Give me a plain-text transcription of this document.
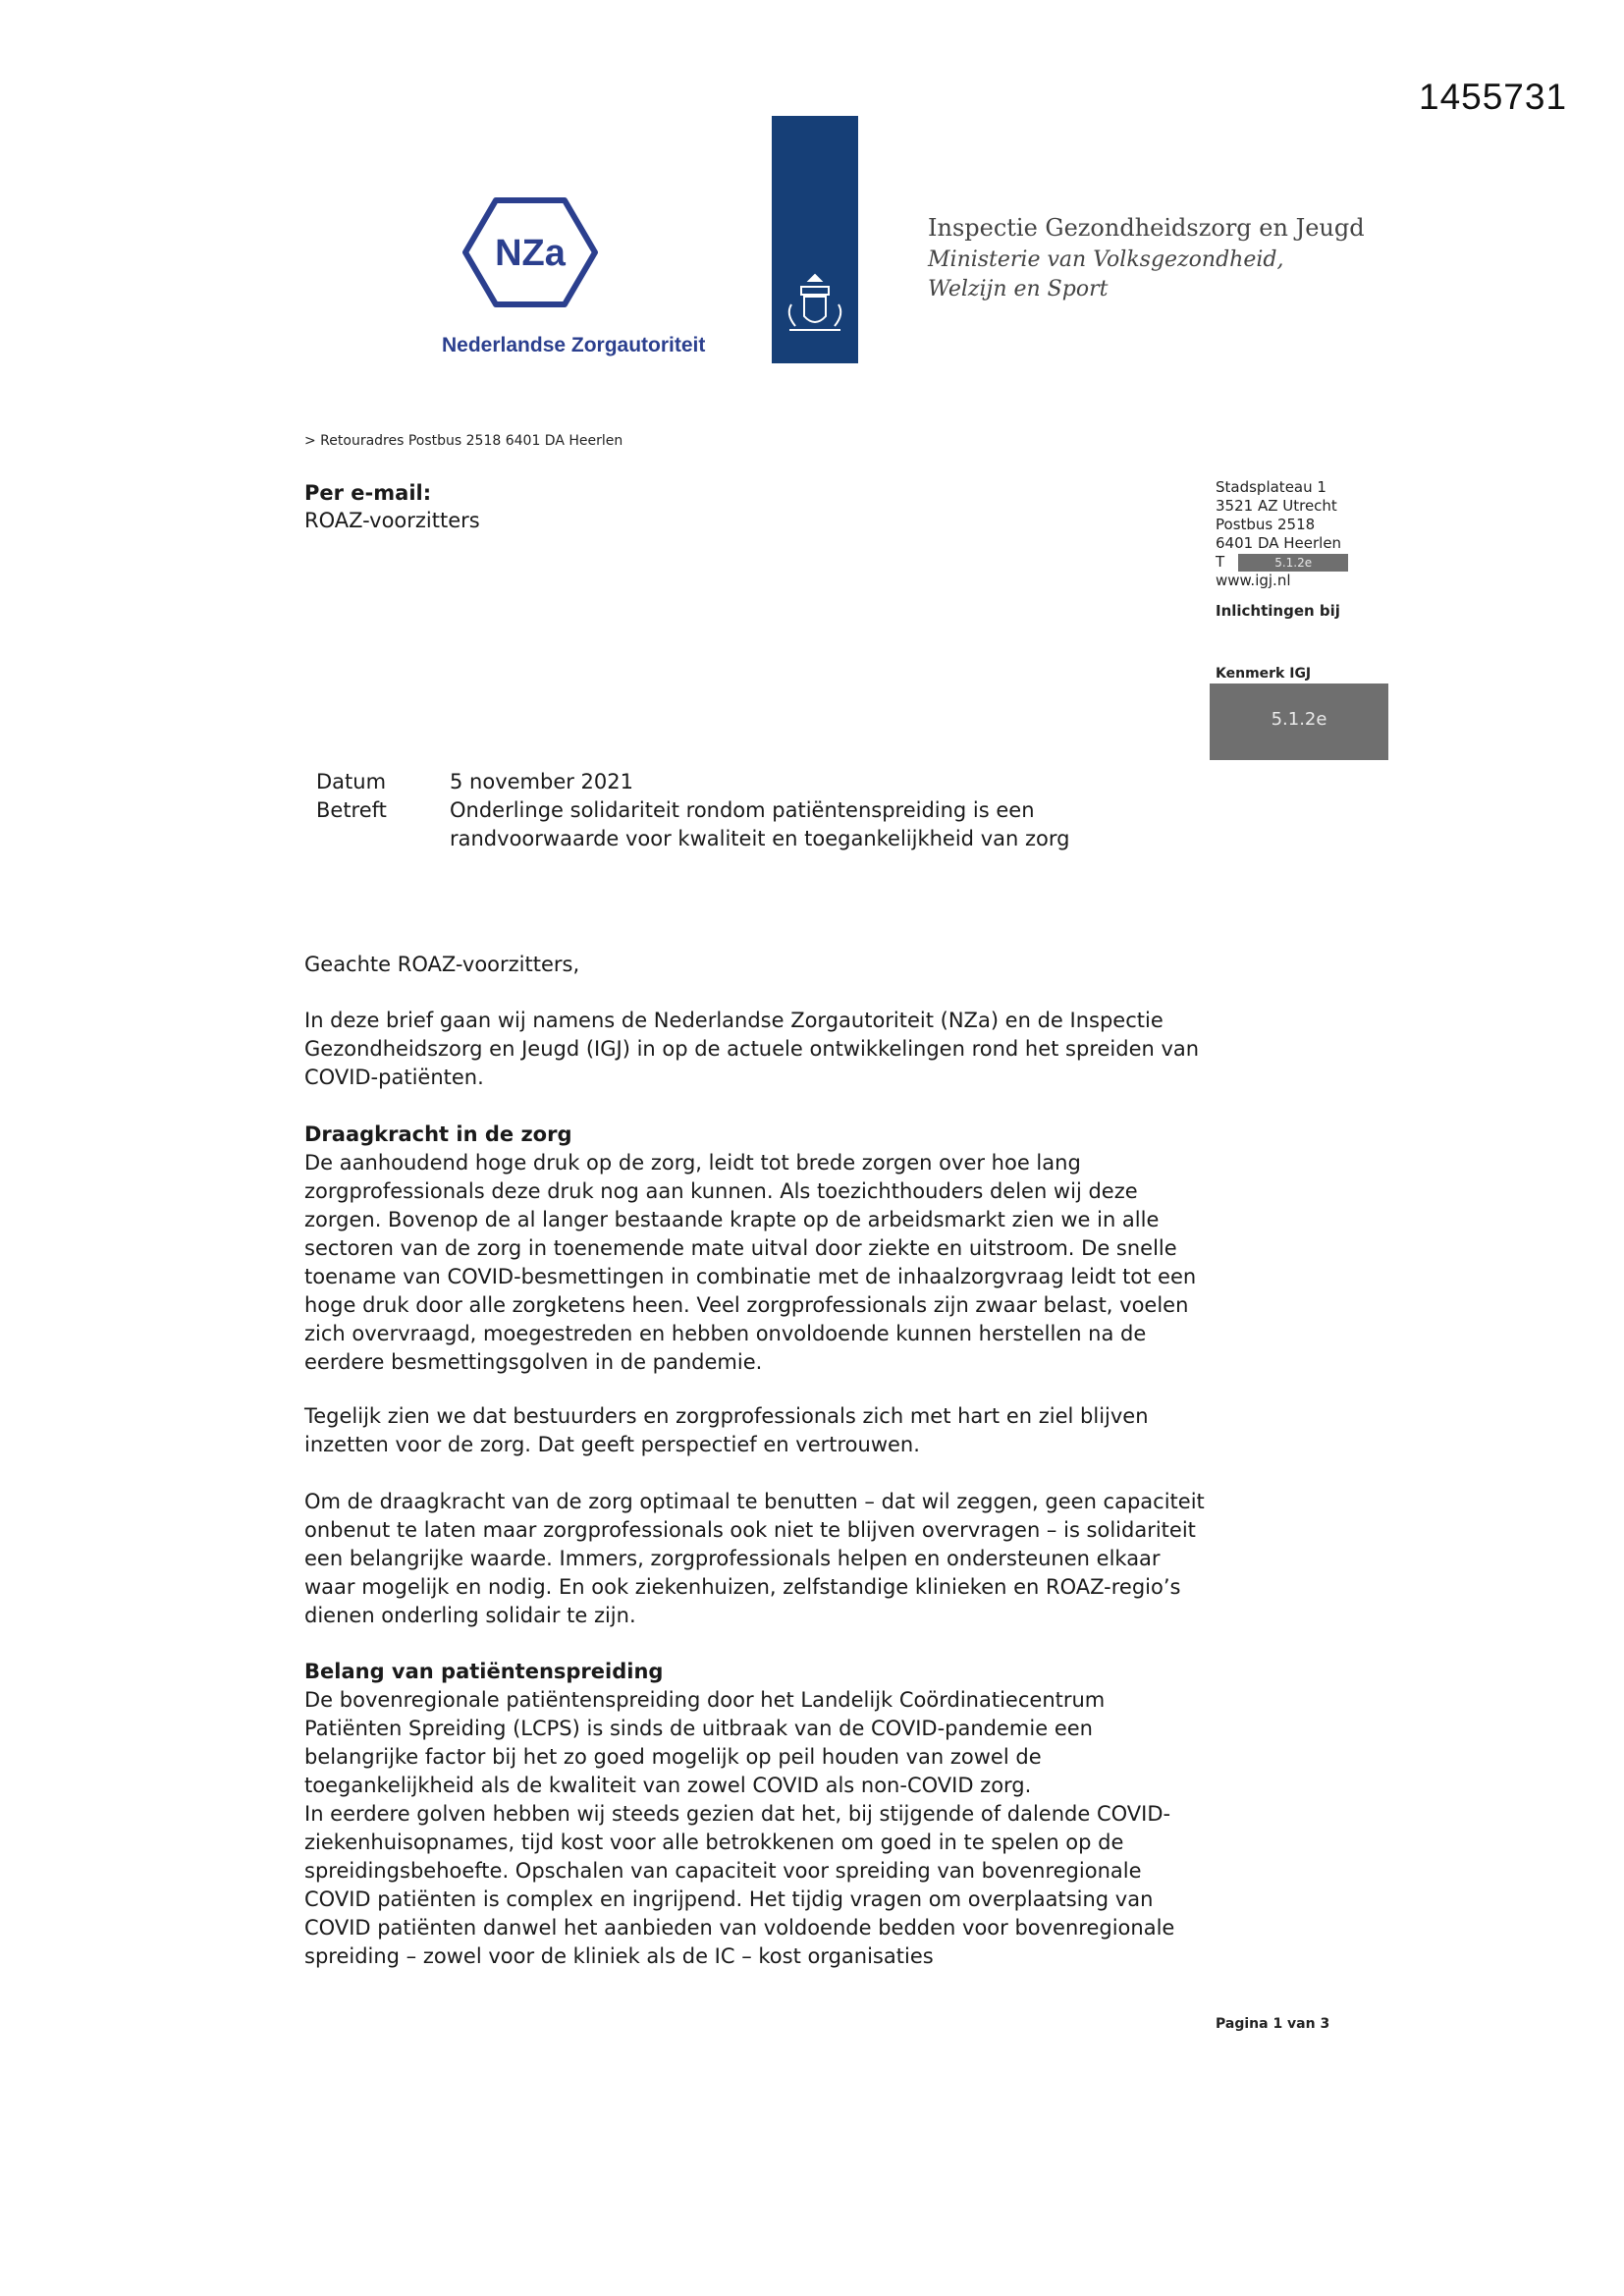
1455731
NZa
Nederlandse Zorgautoriteit
Inspectie Gezondheidszorg en Jeugd
Ministerie van Volksgezondheid,
Welzijn en Sport
> Retouradres Postbus 2518 6401 DA Heerlen
Per e-mail:
ROAZ-voorzitters
Stadsplateau 1
3521 AZ Utrecht
Postbus 2518
6401 DA Heerlen
T	5.1.2e
www.igj.nl
Inlichtingen bij
Kenmerk IGJ
5.1.2e
Datum	5 november 2021
Betreft	Onderlinge solidariteit rondom patiëntenspreiding is een randvoorwaarde voor kwaliteit en toegankelijkheid van zorg
Geachte ROAZ-voorzitters,
In deze brief gaan wij namens de Nederlandse Zorgautoriteit (NZa) en de Inspectie Gezondheidszorg en Jeugd (IGJ) in op de actuele ontwikkelingen rond het spreiden van COVID-patiënten.
Draagkracht in de zorg
De aanhoudend hoge druk op de zorg, leidt tot brede zorgen over hoe lang zorgprofessionals deze druk nog aan kunnen. Als toezichthouders delen wij deze zorgen. Bovenop de al langer bestaande krapte op de arbeidsmarkt zien we in alle sectoren van de zorg in toenemende mate uitval door ziekte en uitstroom. De snelle toename van COVID-besmettingen in combinatie met de inhaalzorgvraag leidt tot een hoge druk door alle zorgketens heen. Veel zorgprofessionals zijn zwaar belast, voelen zich overvraagd, moegestreden en hebben onvoldoende kunnen herstellen na de eerdere besmettingsgolven in de pandemie.
Tegelijk zien we dat bestuurders en zorgprofessionals zich met hart en ziel blijven inzetten voor de zorg. Dat geeft perspectief en vertrouwen.
Om de draagkracht van de zorg optimaal te benutten – dat wil zeggen, geen capaciteit onbenut te laten maar zorgprofessionals ook niet te blijven overvragen – is solidariteit een belangrijke waarde. Immers, zorgprofessionals helpen en ondersteunen elkaar waar mogelijk en nodig. En ook ziekenhuizen, zelfstandige klinieken en ROAZ-regio’s dienen onderling solidair te zijn.
Belang van patiëntenspreiding

De bovenregionale patiëntenspreiding door het Landelijk Coördinatiecentrum Patiënten Spreiding (LCPS) is sinds de uitbraak van de COVID-pandemie een belangrijke factor bij het zo goed mogelijk op peil houden van zowel de toegankelijkheid als de kwaliteit van zowel COVID als non-COVID zorg.

In eerdere golven hebben wij steeds gezien dat het, bij stijgende of dalende COVID-ziekenhuisopnames, tijd kost voor alle betrokkenen om goed in te spelen op de spreidingsbehoefte. Opschalen van capaciteit voor spreiding van bovenregionale COVID patiënten is complex en ingrijpend. Het tijdig vragen om overplaatsing van COVID patiënten danwel het aanbieden van voldoende bedden voor bovenregionale spreiding – zowel voor de kliniek als de IC – kost organisaties

Pagina 1 van 3
